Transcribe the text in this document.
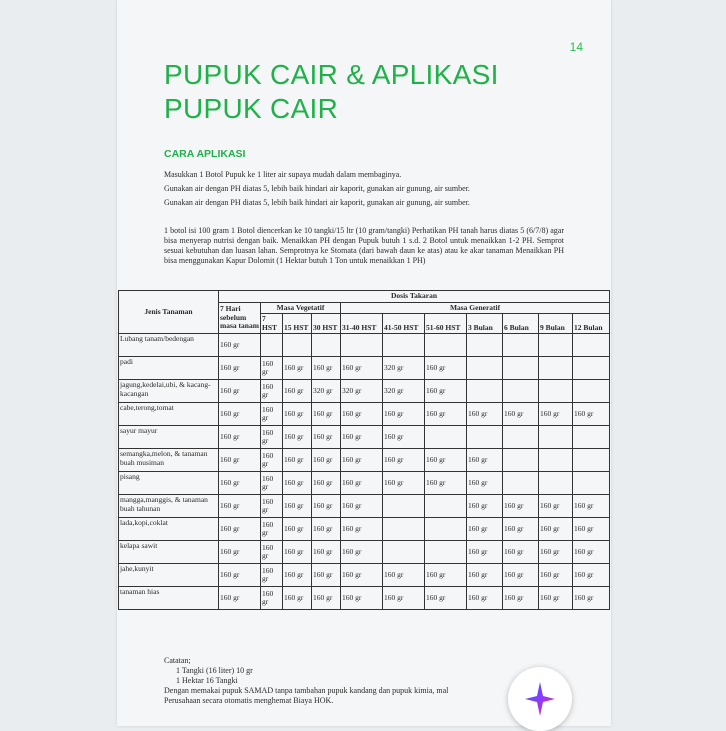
14
PUPUK CAIR & APLIKASI
PUPUK CAIR
CARA APLIKASI
Masukkan 1 Botol Pupuk ke 1 liter air supaya mudah dalam membaginya.
Gunakan air dengan PH diatas 5, lebih baik hindari air kaporit, gunakan air gunung, air sumber.
Gunakan air dengan PH diatas 5, lebih baik hindari air kaporit, gunakan air gunung, air sumber.
1 botol isi 100 gram 1 Botol diencerkan ke 10 tangki/15 ltr (10 gram/tangki) Perhatikan PH tanah harus diatas 5 (6/7/8) agar bisa menyerap nutrisi dengan baik. Menaikkan PH dengan Pupuk butuh 1 s.d. 2 Botol untuk menaikkan 1-2 PH. Semprot sesuai kebutuhan dan luasan lahan. Semprotnya ke Stomata (dari bawah daun ke atas) atau ke akar tanaman Menaikkan PH bisa menggunakan Kapur Dolomit (1 Hektar butuh 1 Ton untuk menaikkan 1 PH)
Jenis Tanaman	Dosis Takaran										
	7 Hari sebelum masa tanam	Masa Vegetatif			Masa Generatif						
		7 HST	15 HST	30 HST	31-40 HST	41-50 HST	51-60 HST	3 Bulan	6 Bulan	9 Bulan	12 Bulan
Lubang tanam/bedengan	160 gr										
padi	160 gr	160 gr	160 gr	160 gr	160 gr	320 gr	160 gr				
jagung,kedelai,ubi, & kacang-kacangan	160 gr	160 gr	160 gr	320 gr	320 gr	320 gr	160 gr				
cabe,terong,tomat	160 gr	160 gr	160 gr	160 gr	160 gr	160 gr	160 gr	160 gr	160 gr	160 gr	160 gr
sayur mayur	160 gr	160 gr	160 gr	160 gr	160 gr	160 gr					
semangka,melon, & tanaman buah musiman	160 gr	160 gr	160 gr	160 gr	160 gr	160 gr	160 gr	160 gr			
pisang	160 gr	160 gr	160 gr	160 gr	160 gr	160 gr	160 gr	160 gr			
mangga,manggis, & tanaman buah tahunan	160 gr	160 gr	160 gr	160 gr	160 gr			160 gr	160 gr	160 gr	160 gr
lada,kopi,coklat	160 gr	160 gr	160 gr	160 gr	160 gr			160 gr	160 gr	160 gr	160 gr
kelapa sawit	160 gr	160 gr	160 gr	160 gr	160 gr			160 gr	160 gr	160 gr	160 gr
jahe,kunyit	160 gr	160 gr	160 gr	160 gr	160 gr	160 gr	160 gr	160 gr	160 gr	160 gr	160 gr
tanaman hias	160 gr	160 gr	160 gr	160 gr	160 gr	160 gr	160 gr	160 gr	160 gr	160 gr	160 gr
Catatan;
1 Tangki (16 liter) 10 gr
1 Hektar 16 Tangki
Dengan memakai pupuk SAMAD tanpa tambahan pupuk kandang dan pupuk kimia, mal
Perusahaan secara otomatis menghemat Biaya HOK.
